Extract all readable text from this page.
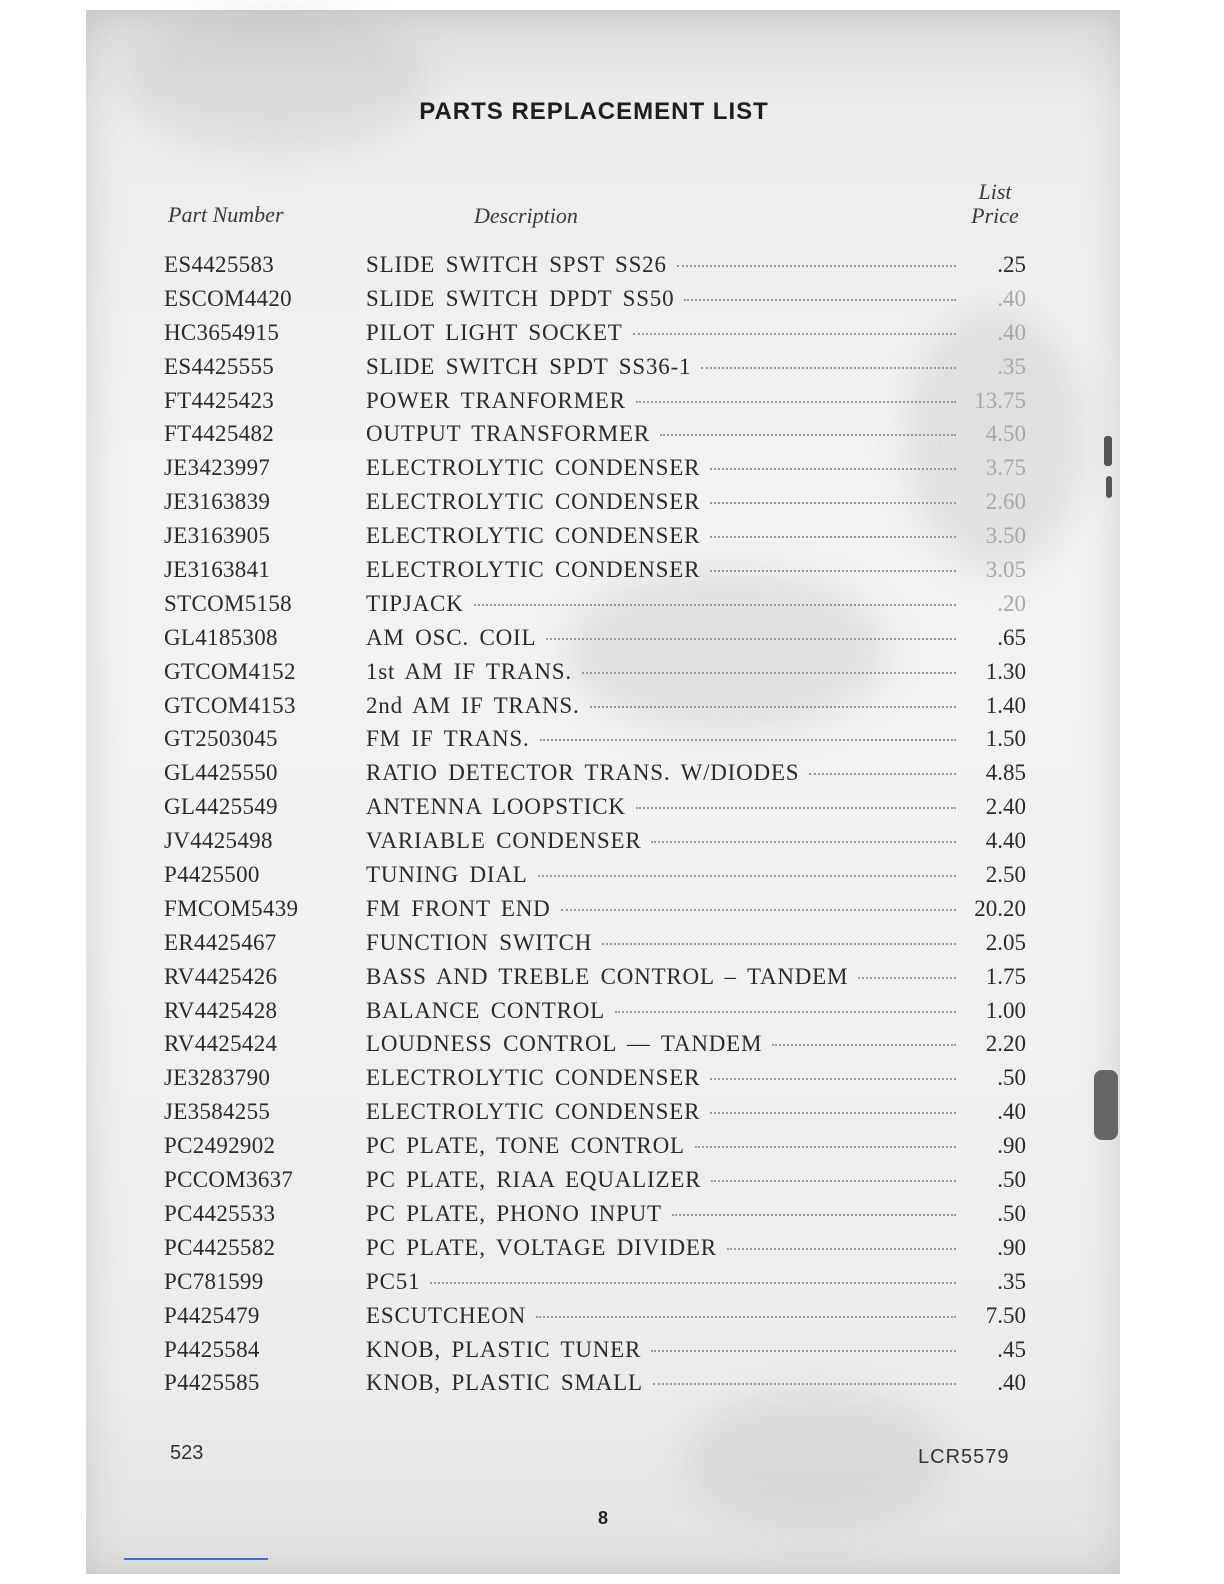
PARTS REPLACEMENT LIST
Part Number	Description
List
Price
ES4425583	SLIDE SWITCH SPST SS26	.25
ESCOM4420	SLIDE SWITCH DPDT SS50	.40
HC3654915	PILOT LIGHT SOCKET	.40
ES4425555	SLIDE SWITCH SPDT SS36-1	.35
FT4425423	POWER TRANFORMER	13.75
FT4425482	OUTPUT TRANSFORMER	4.50
JE3423997	ELECTROLYTIC CONDENSER	3.75
JE3163839	ELECTROLYTIC CONDENSER	2.60
JE3163905	ELECTROLYTIC CONDENSER	3.50
JE3163841	ELECTROLYTIC CONDENSER	3.05
STCOM5158	TIPJACK	.20
GL4185308	AM OSC. COIL	.65
GTCOM4152	1st AM IF TRANS.	1.30
GTCOM4153	2nd AM IF TRANS.	1.40
GT2503045	FM IF TRANS.	1.50
GL4425550	RATIO DETECTOR TRANS. W/DIODES	4.85
GL4425549	ANTENNA LOOPSTICK	2.40
JV4425498	VARIABLE CONDENSER	4.40
P4425500	TUNING DIAL	2.50
FMCOM5439	FM FRONT END	20.20
ER4425467	FUNCTION SWITCH	2.05
RV4425426	BASS AND TREBLE CONTROL – TANDEM	1.75
RV4425428	BALANCE CONTROL	1.00
RV4425424	LOUDNESS CONTROL — TANDEM	2.20
JE3283790	ELECTROLYTIC CONDENSER	.50
JE3584255	ELECTROLYTIC CONDENSER	.40
PC2492902	PC PLATE, TONE CONTROL	.90
PCCOM3637	PC PLATE, RIAA EQUALIZER	.50
PC4425533	PC PLATE, PHONO INPUT	.50
PC4425582	PC PLATE, VOLTAGE DIVIDER	.90
PC781599	PC51	.35
P4425479	ESCUTCHEON	7.50
P4425584	KNOB, PLASTIC TUNER	.45
P4425585	KNOB, PLASTIC SMALL	.40
523	LCR5579
8
